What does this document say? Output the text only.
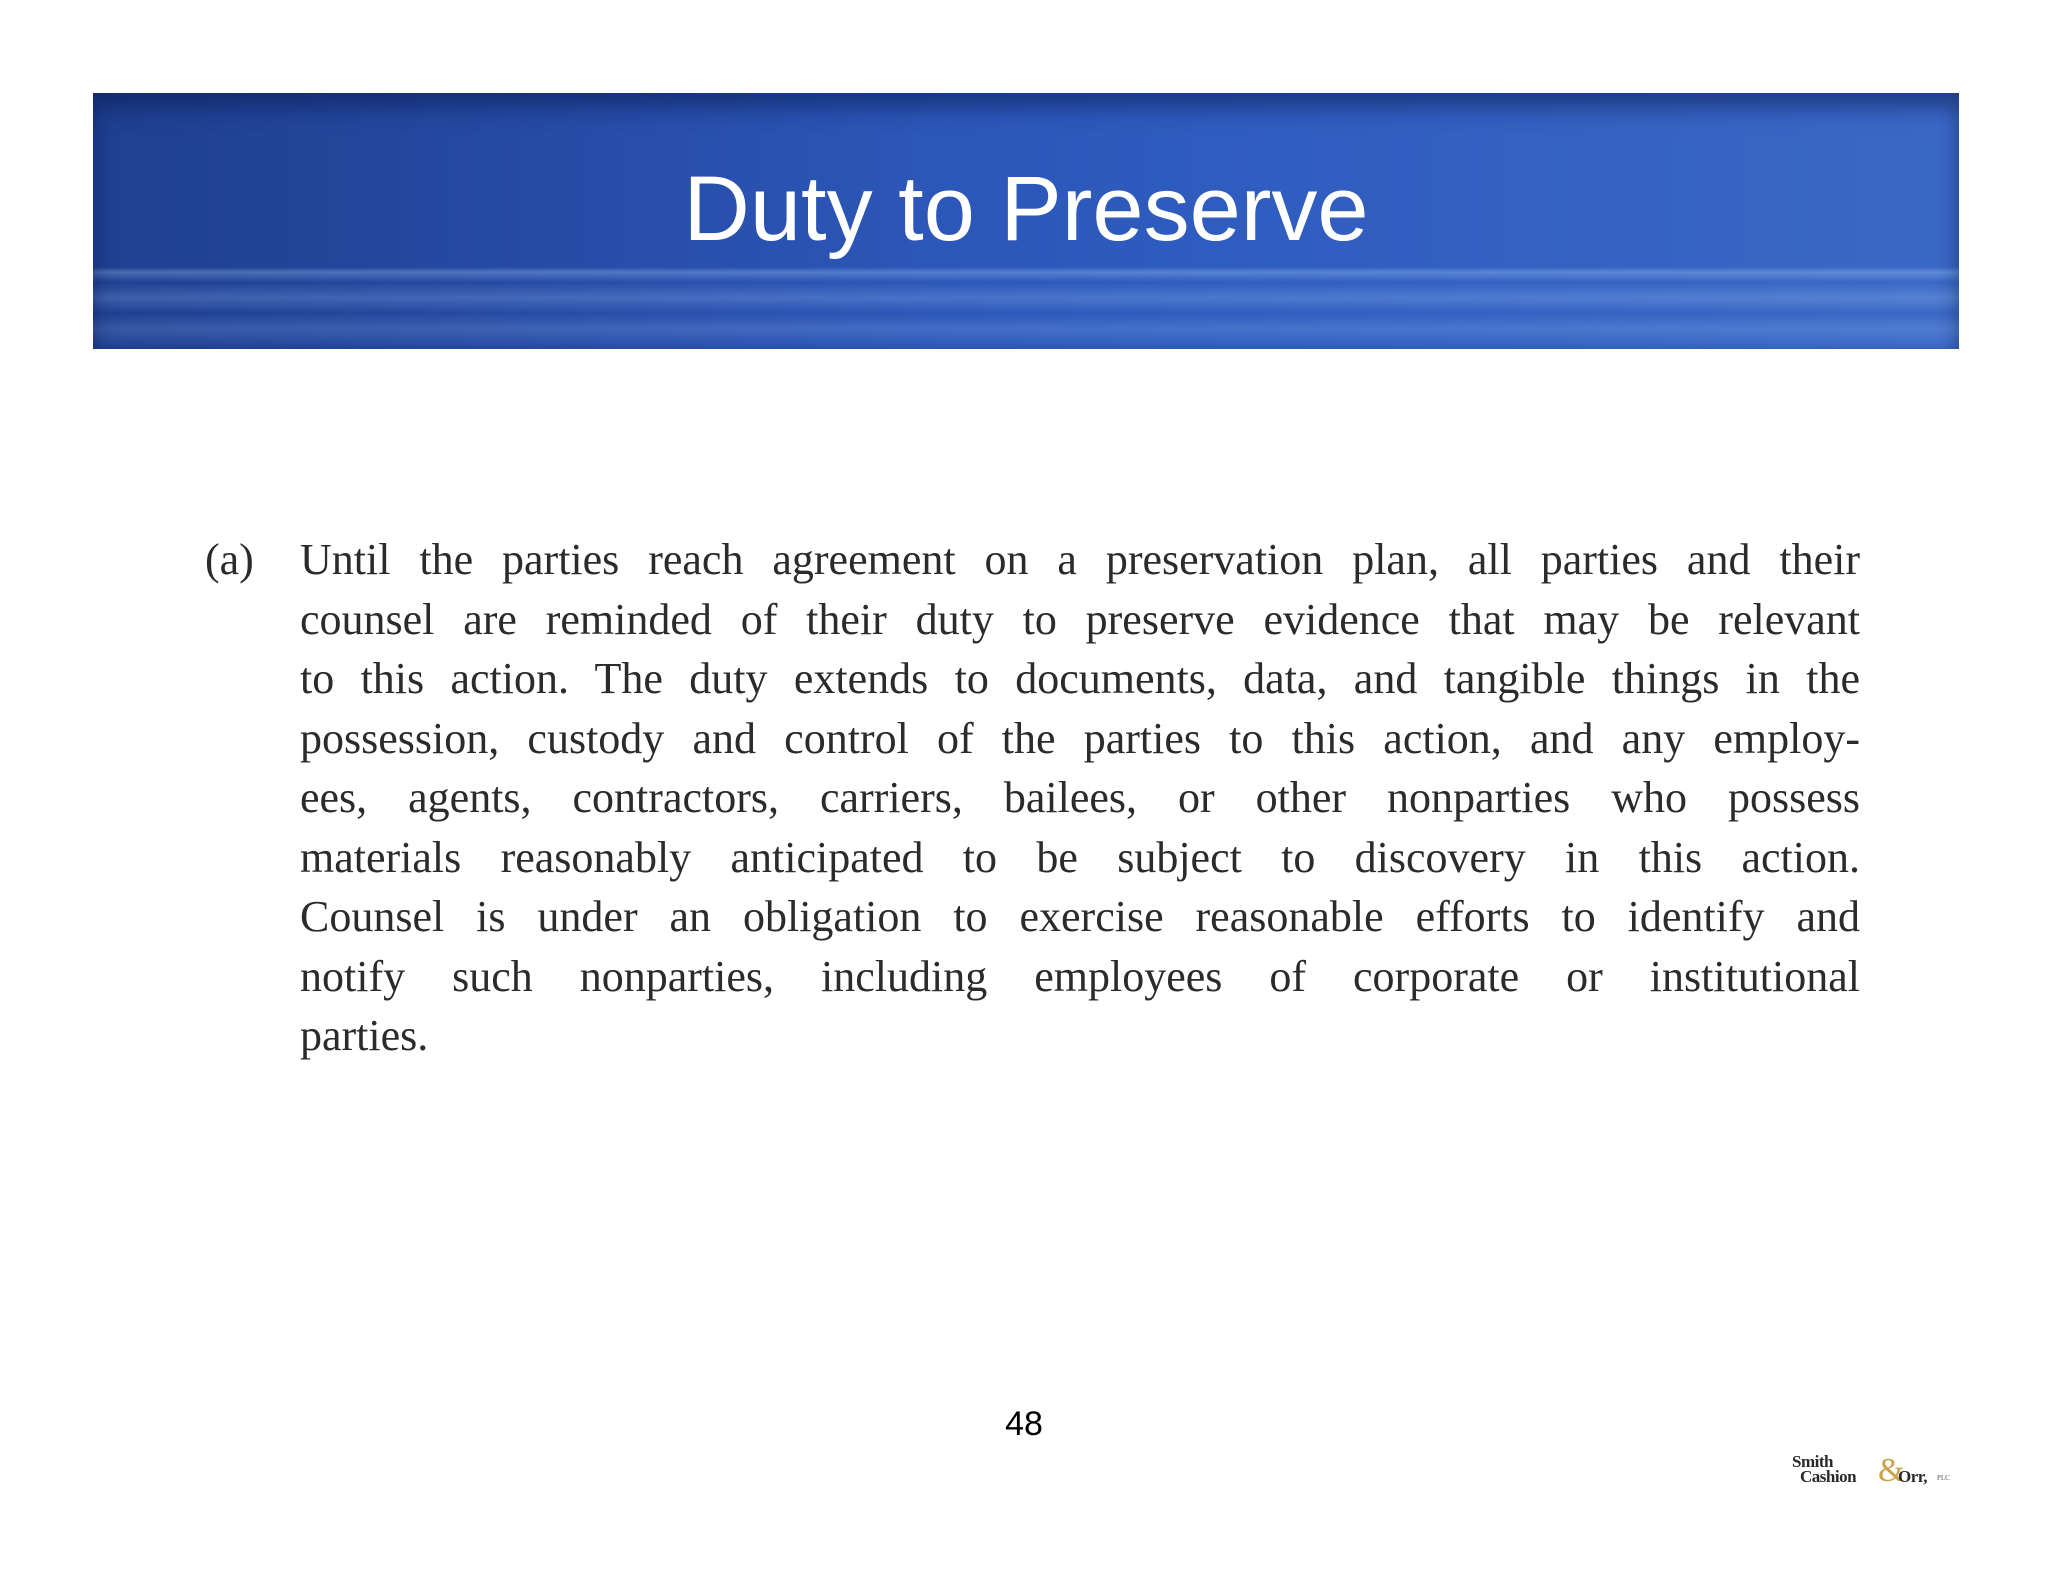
Duty to Preserve
(a) Until the parties reach agreement on a preservation plan, all parties and their
counsel are reminded of their duty to preserve evidence that may be relevant
to this action. The duty extends to documents, data, and tangible things in the
possession, custody and control of the parties to this action, and any employ-
ees, agents, contractors, carriers, bailees, or other nonparties who possess
materials reasonably anticipated to be subject to discovery in this action.
Counsel is under an obligation to exercise reasonable efforts to identify and
notify such nonparties, including employees of corporate or institutional
parties.
48
Smith
Cashion &
Orr, PLC
